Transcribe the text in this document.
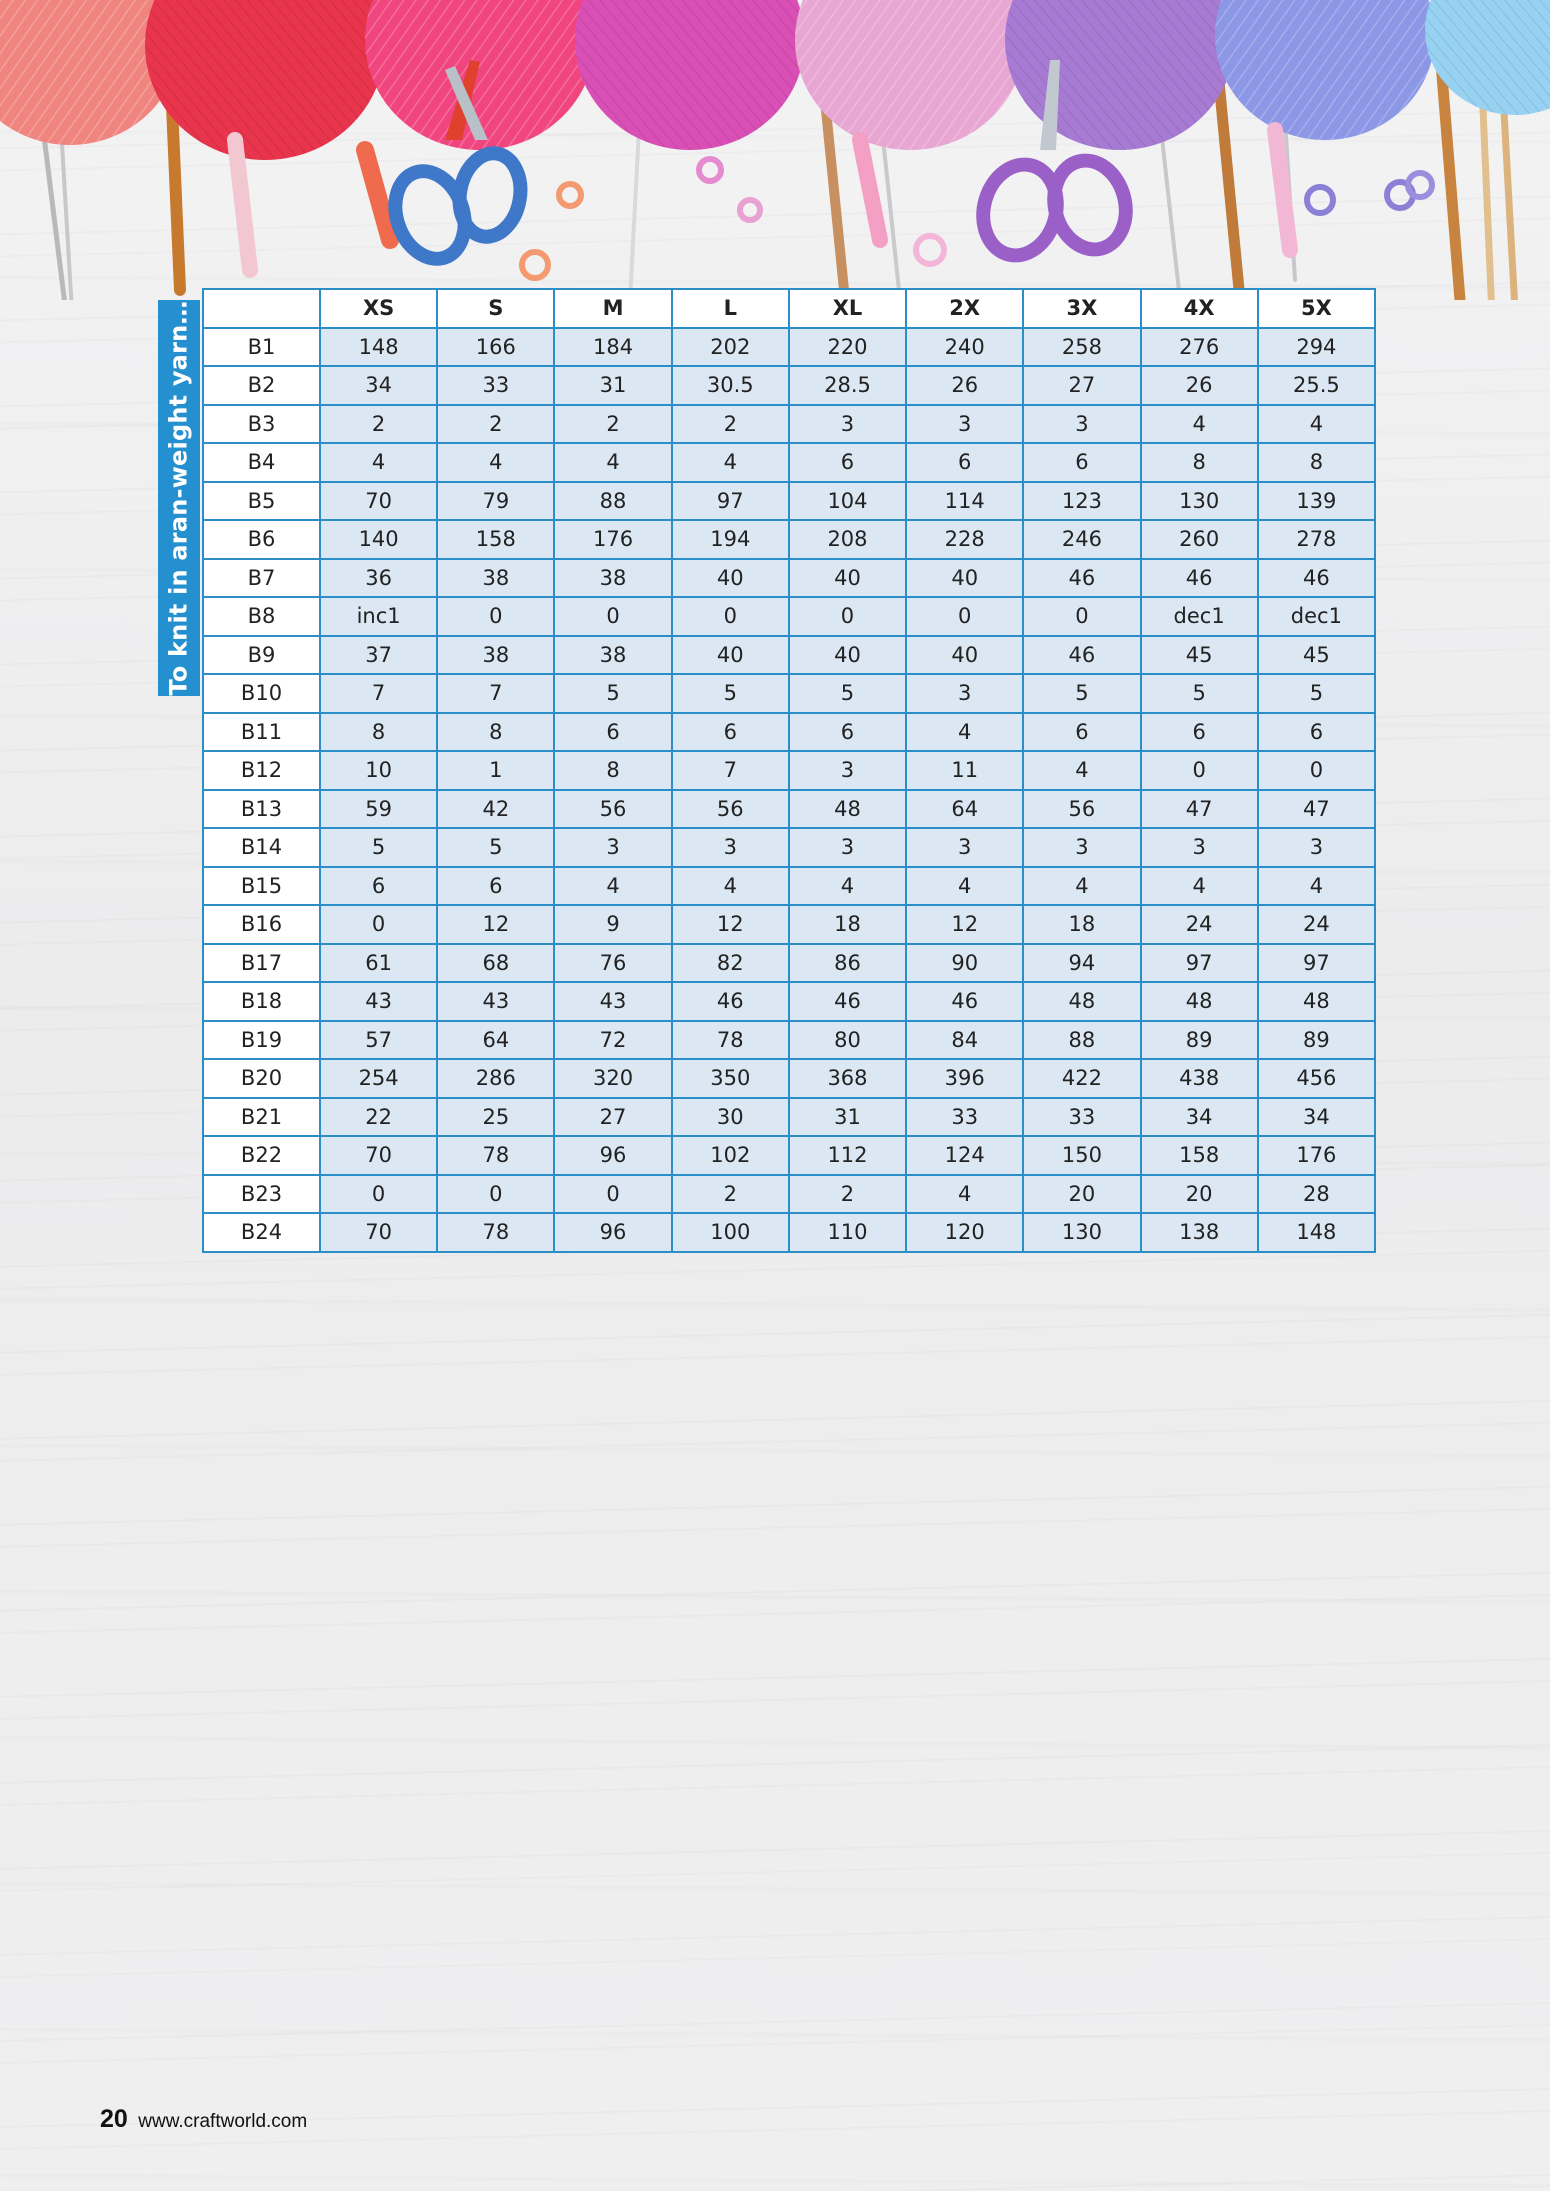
To knit in aran-weight yarn…
		XS	S	M	L	XL	2X	3X	4X	5X
B1	148	166	184	202	220	240	258	276	294
B2	34	33	31	30.5	28.5	26	27	26	25.5
B3	2	2	2	2	3	3	3	4	4
B4	4	4	4	4	6	6	6	8	8
B5	70	79	88	97	104	114	123	130	139
B6	140	158	176	194	208	228	246	260	278
B7	36	38	38	40	40	40	46	46	46
B8	inc1	0	0	0	0	0	0	dec1	dec1
B9	37	38	38	40	40	40	46	45	45
B10	7	7	5	5	5	3	5	5	5
B11	8	8	6	6	6	4	6	6	6
B12	10	1	8	7	3	11	4	0	0
B13	59	42	56	56	48	64	56	47	47
B14	5	5	3	3	3	3	3	3	3
B15	6	6	4	4	4	4	4	4	4
B16	0	12	9	12	18	12	18	24	24
B17	61	68	76	82	86	90	94	97	97
B18	43	43	43	46	46	46	48	48	48
B19	57	64	72	78	80	84	88	89	89
B20	254	286	320	350	368	396	422	438	456
B21	22	25	27	30	31	33	33	34	34
B22	70	78	96	102	112	124	150	158	176
B23	0	0	0	2	2	4	20	20	28
B24	70	78	96	100	110	120	130	138	148
20 www.craftworld.com
